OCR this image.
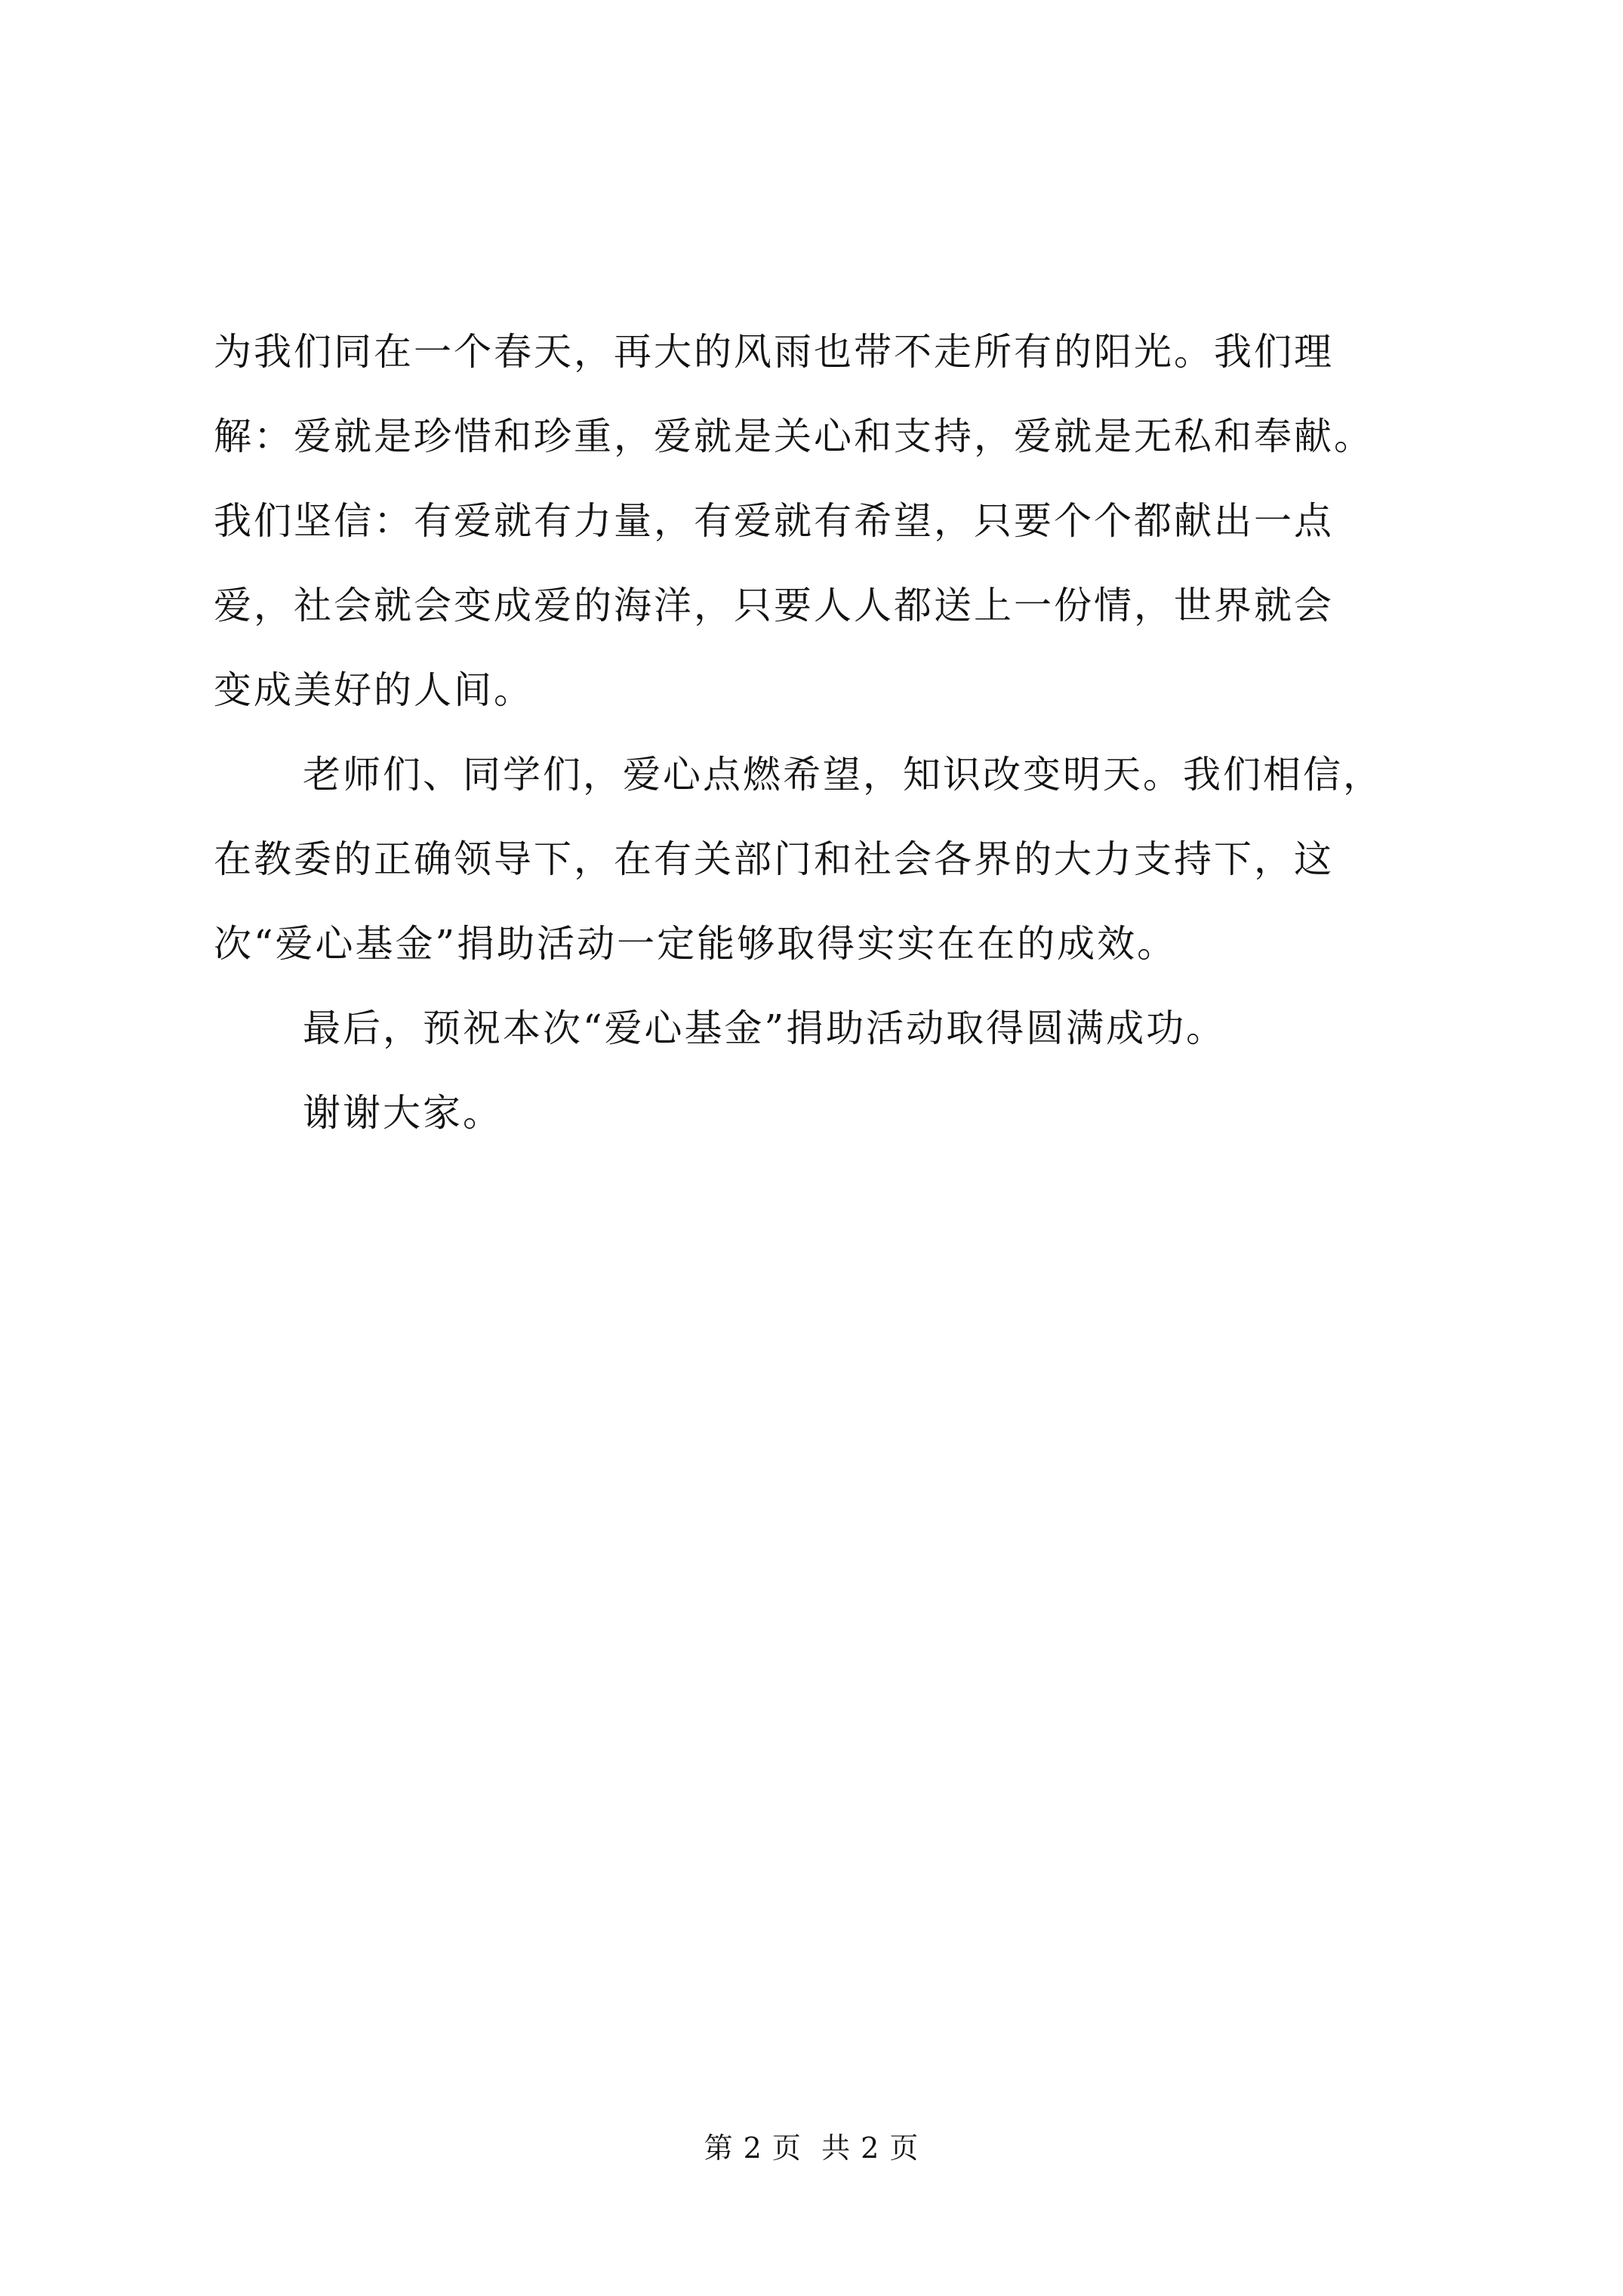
为我们同在一个春天，再大的风雨也带不走所有的阳光。我们理
解：爱就是珍惜和珍重，爱就是关心和支持，爱就是无私和奉献。
我们坚信：有爱就有力量，有爱就有希望，只要个个都献出一点
爱，社会就会变成爱的海洋，只要人人都送上一份情，世界就会
变成美好的人间。
老师们、同学们，爱心点燃希望，知识改变明天。我们相信，
在教委的正确领导下，在有关部门和社会各界的大力支持下，这
次“爱心基金”捐助活动一定能够取得实实在在的成效。
最后，预祝本次“爱心基金”捐助活动取得圆满成功。
谢谢大家。
第 2 页  共 2 页
